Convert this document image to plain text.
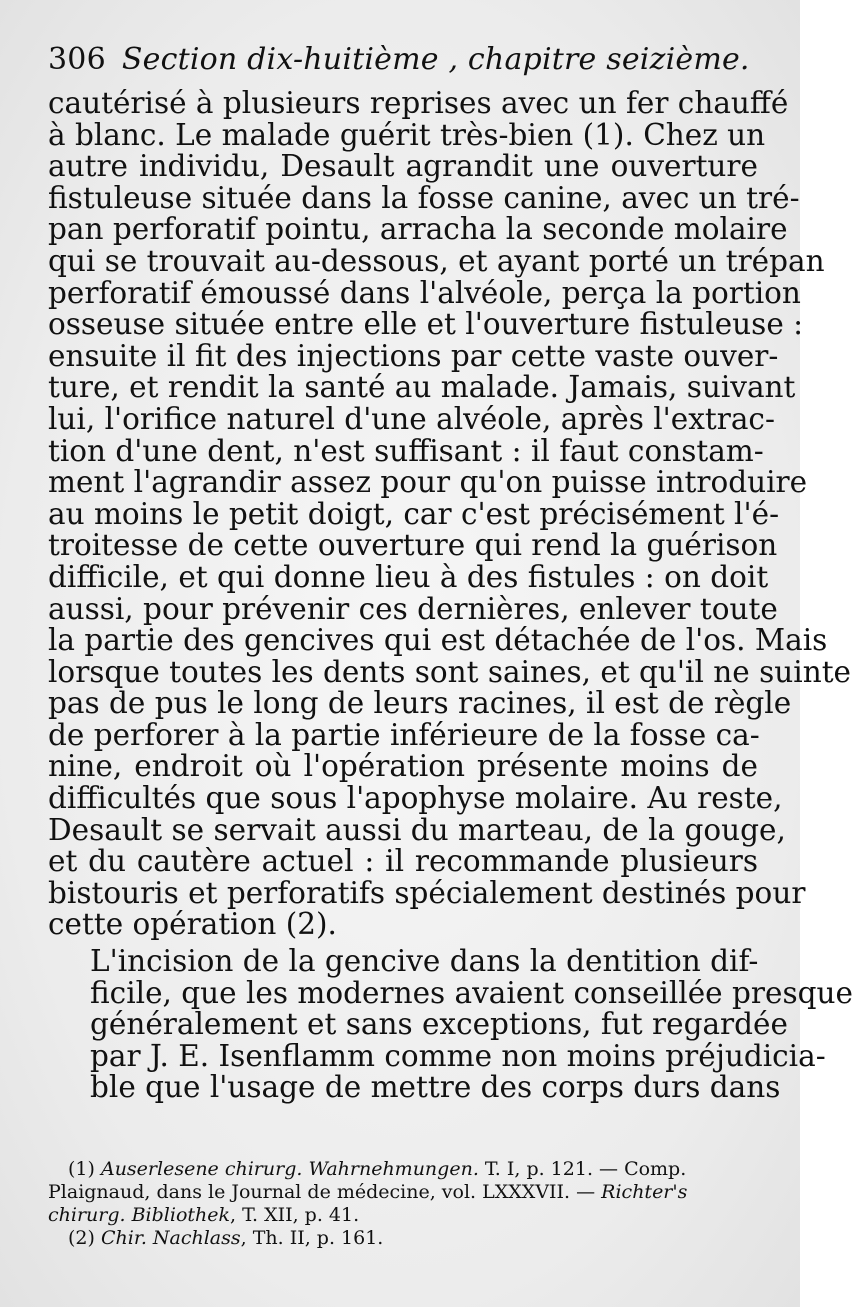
306 Section dix-huitième , chapitre seizième.

cautérisé à plusieurs reprises avec un fer chauffé
à blanc. Le malade guérit très-bien (1). Chez un
autre individu, Desault agrandit une ouverture
fistuleuse située dans la fosse canine, avec un tré-
pan perforatif pointu, arracha la seconde molaire
qui se trouvait au-dessous, et ayant porté un trépan
perforatif émoussé dans l'alvéole, perça la portion
osseuse située entre elle et l'ouverture fistuleuse :
ensuite il fit des injections par cette vaste ouver-
ture, et rendit la santé au malade. Jamais, suivant
lui, l'orifice naturel d'une alvéole, après l'extrac-
tion d'une dent, n'est suffisant : il faut constam-
ment l'agrandir assez pour qu'on puisse introduire
au moins le petit doigt, car c'est précisément l'é-
troitesse de cette ouverture qui rend la guérison
difficile, et qui donne lieu à des fistules : on doit
aussi, pour prévenir ces dernières, enlever toute
la partie des gencives qui est détachée de l'os. Mais
lorsque toutes les dents sont saines, et qu'il ne suinte
pas de pus le long de leurs racines, il est de règle
de perforer à la partie inférieure de la fosse ca-
nine, endroit où l'opération présente moins de
difficultés que sous l'apophyse molaire. Au reste,
Desault se servait aussi du marteau, de la gouge,
et du cautère actuel : il recommande plusieurs
bistouris et perforatifs spécialement destinés pour
cette opération (2).

L'incision de la gencive dans la dentition dif-
ficile, que les modernes avaient conseillée presque
généralement et sans exceptions, fut regardée
par J. E. Isenflamm comme non moins préjudicia-
ble que l'usage de mettre des corps durs dans

(1) Auserlesene chirurg. Wahrnehmungen. T. I, p. 121. — Comp.
Plaignaud, dans le Journal de médecine, vol. LXXXVII. — Richter's
chirurg. Bibliothek, T. XII, p. 41.
(2) Chir. Nachlass, Th. II, p. 161.
